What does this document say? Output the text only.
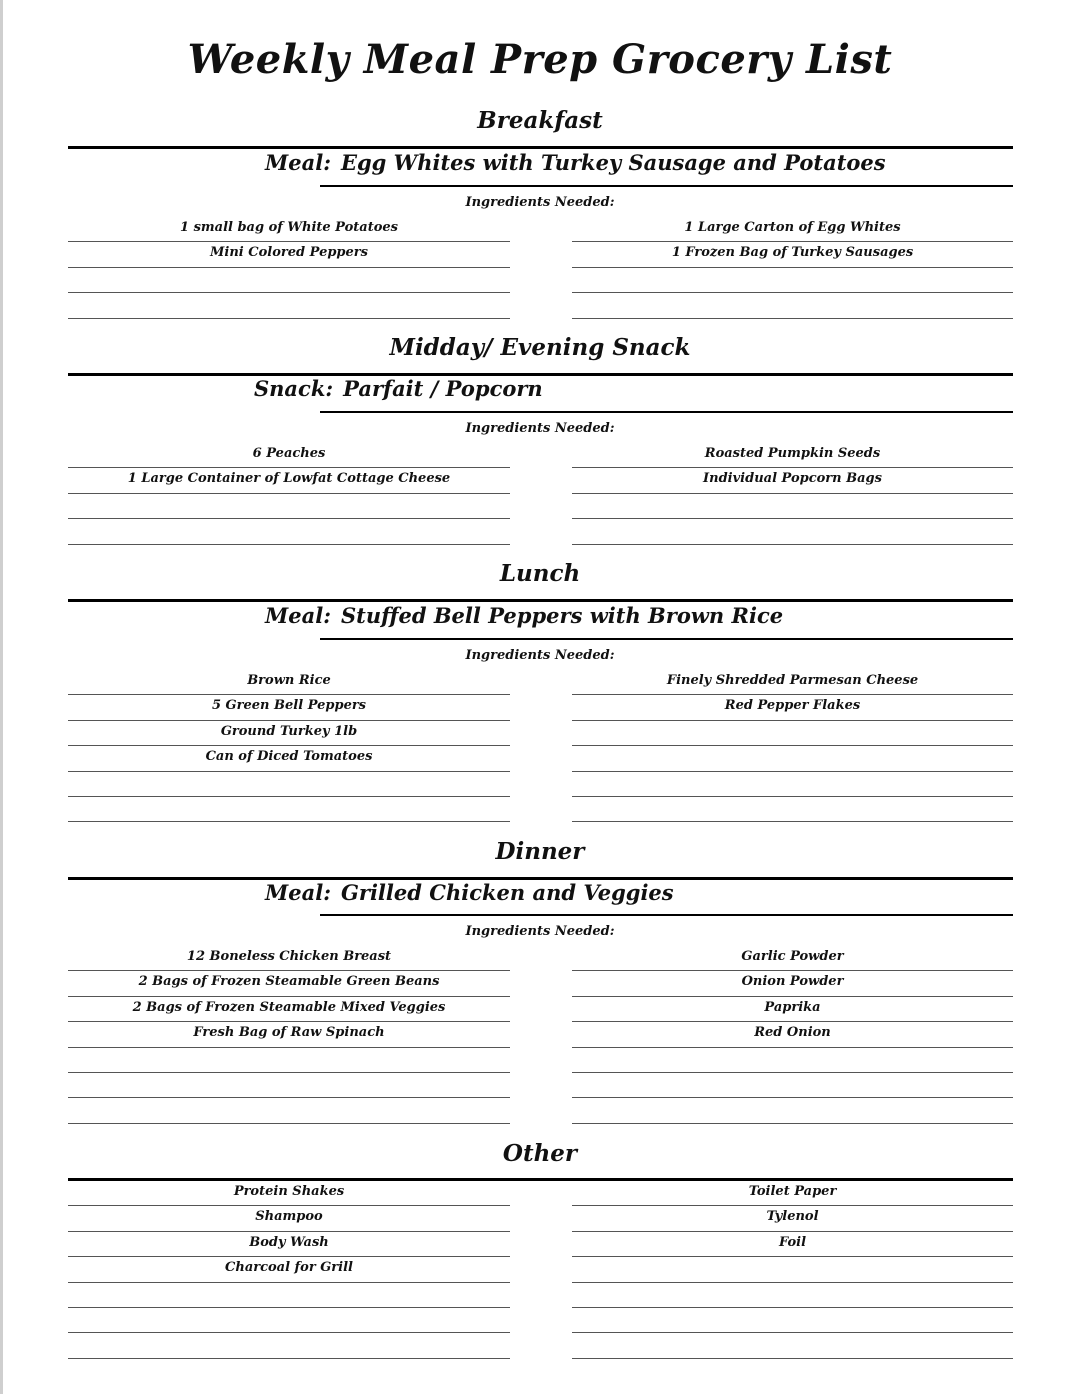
Weekly Meal Prep Grocery List
Breakfast
Meal: Egg Whites with Turkey Sausage and Potatoes
Ingredients Needed:
1 small bag of White Potatoes
Mini Colored Peppers
1 Large Carton of Egg Whites
1 Frozen Bag of Turkey Sausages
Midday/ Evening Snack
Snack: Parfait / Popcorn
Ingredients Needed:
6 Peaches
1 Large Container of Lowfat Cottage Cheese
Roasted Pumpkin Seeds
Individual Popcorn Bags
Lunch
Meal: Stuffed Bell Peppers with Brown Rice
Ingredients Needed:
Brown Rice
5 Green Bell Peppers
Ground Turkey 1lb
Can of Diced Tomatoes
Finely Shredded Parmesan Cheese
Red Pepper Flakes
Dinner
Meal: Grilled Chicken and Veggies
Ingredients Needed:
12 Boneless Chicken Breast
2 Bags of Frozen Steamable Green Beans
2 Bags of Frozen Steamable Mixed Veggies
Fresh Bag of Raw Spinach
Garlic Powder
Onion Powder
Paprika
Red Onion
Other
Protein Shakes
Shampoo
Body Wash
Charcoal for Grill
Toilet Paper
Tylenol
Foil
